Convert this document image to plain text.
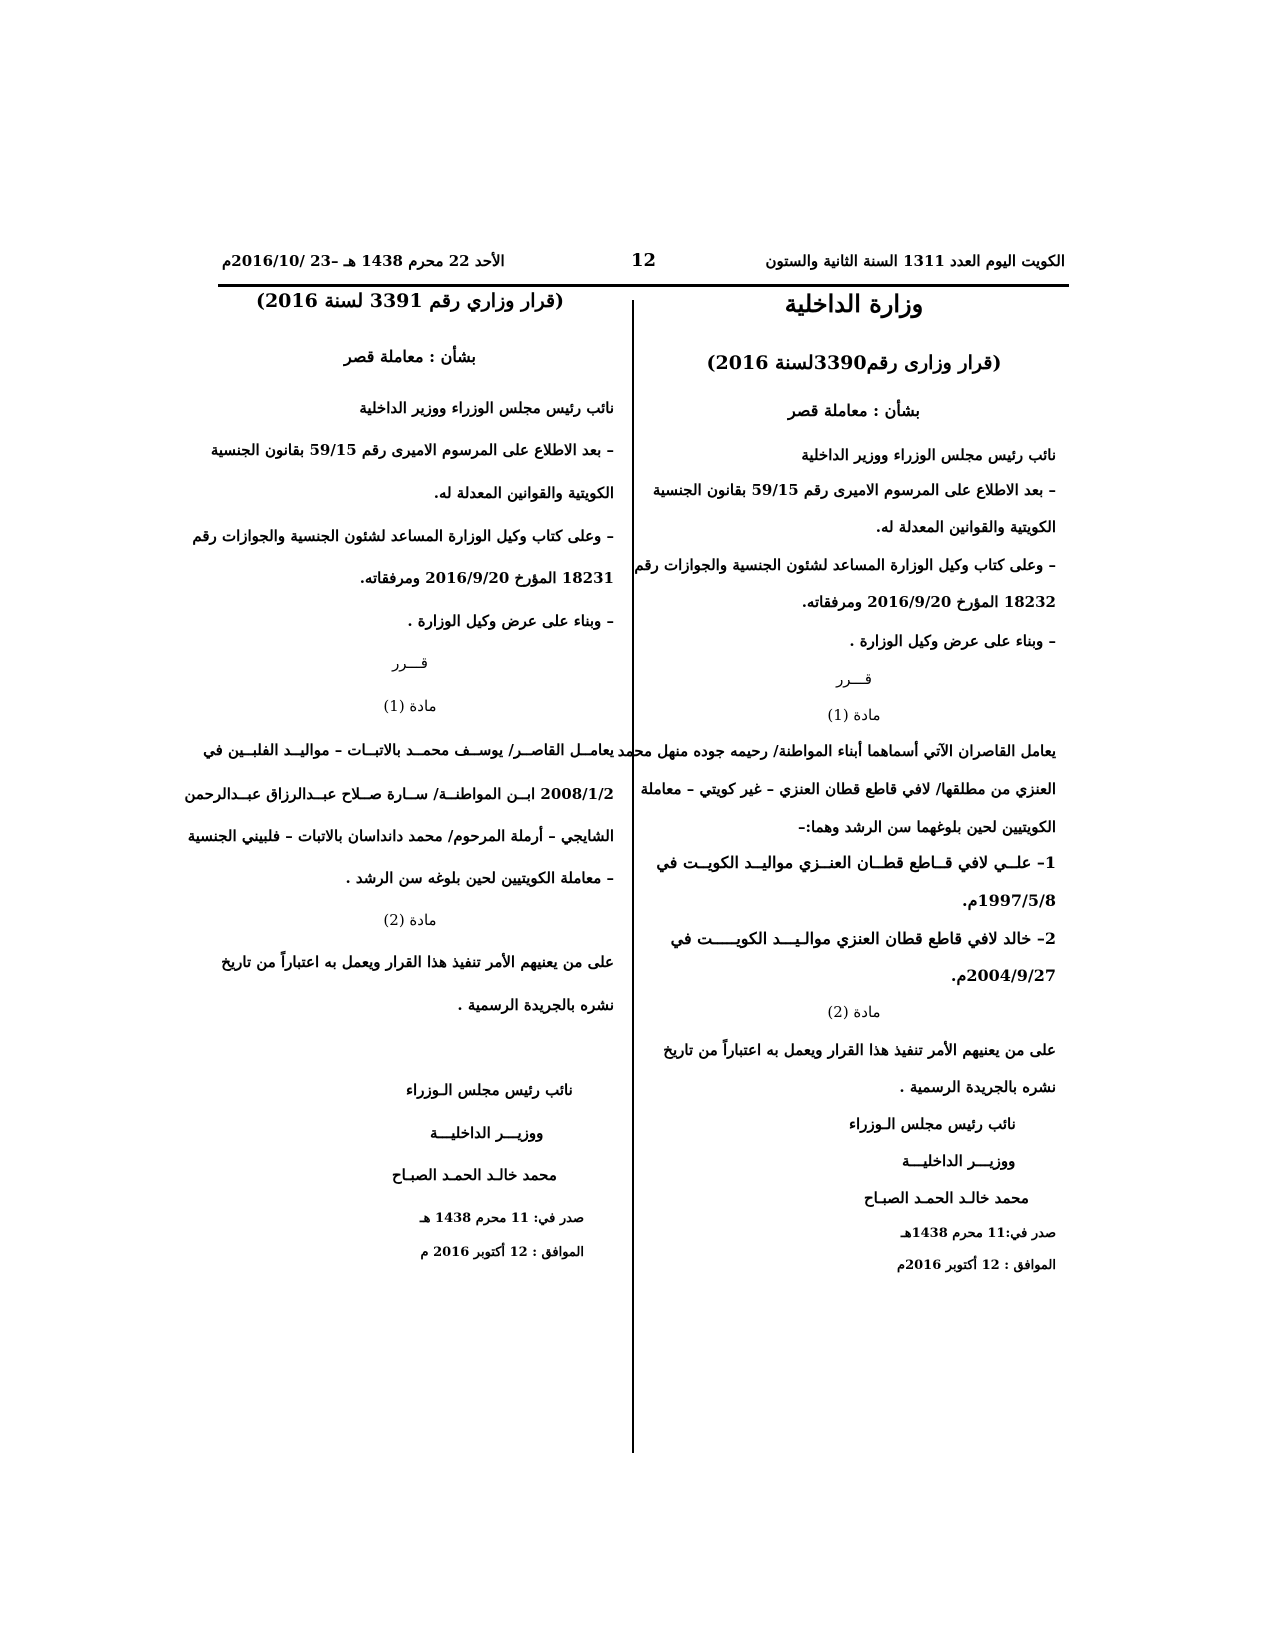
الكويت اليوم العدد 1311 السنة الثانية والستون
12
الأحد 22 محرم 1438 هـ –23 /2016/10م
وزارة الداخلية
(قرار وزارى رقم3390لسنة 2016)
بشأن : معاملة قصر
نائب رئيس مجلس الوزراء ووزير الداخلية
– بعد الاطلاع على المرسوم الاميرى رقم 59/15 بقانون الجنسية
الكويتية والقوانين المعدلة له.
– وعلى كتاب وكيل الوزارة المساعد لشئون الجنسية والجوازات رقم
18232 المؤرخ 2016/9/20 ومرفقاته.
– وبناء على عرض وكيل الوزارة .
قـــرر
مادة (1)
يعامل القاصران الآتي أسماهما أبناء المواطنة/ رحيمه جوده منهل محمد
العنزي من مطلقها/ لافي قاطع قطان العنزي – غير كويتي – معاملة
الكويتيين لحين بلوغهما سن الرشد وهما:–
1– علــي لافي قــاطع قطــان العنــزي مواليــد الكويــت في
1997/5/8م.
2– خالد لافي قاطع قطان العنزي موالـيـــد الكويـــــت في
2004/9/27م.
مادة (2)
على من يعنيهم الأمر تنفيذ هذا القرار ويعمل به اعتباراً من تاريخ
نشره بالجريدة الرسمية .
نائب رئيس مجلس الـوزراء
ووزيـــر الداخليـــة
محمد خالـد الحمـد الصبـاح
صدر في:11 محرم 1438هـ
الموافق : 12 أكتوبر 2016م
(قرار وزاري رقم 3391 لسنة 2016)
بشأن : معاملة قصر
نائب رئيس مجلس الوزراء ووزير الداخلية
– بعد الاطلاع على المرسوم الاميرى رقم 59/15 بقانون الجنسية
الكويتية والقوانين المعدلة له.
– وعلى كتاب وكيل الوزارة المساعد لشئون الجنسية والجوازات رقم
18231 المؤرخ 2016/9/20 ومرفقاته.
– وبناء على عرض وكيل الوزارة .
قـــرر
مادة (1)
يعامــل القاصــر/ يوســف محمــد بالاتبــات – مواليــد الفلبــين في
2008/1/2 ابــن المواطنــة/ ســارة صــلاح عبــدالرزاق عبــدالرحمن
الشايجي – أرملة المرحوم/ محمد دانداسان بالاتبات – فلبيني الجنسية
– معاملة الكويتيين لحين بلوغه سن الرشد .
مادة (2)
على من يعنيهم الأمر تنفيذ هذا القرار ويعمل به اعتباراً من تاريخ
نشره بالجريدة الرسمية .
نائب رئيس مجلس الـوزراء
ووزيـــر الداخليـــة
محمد خالـد الحمـد الصبـاح
صدر في: 11 محرم 1438 هـ
الموافق : 12 أكتوبر 2016 م
